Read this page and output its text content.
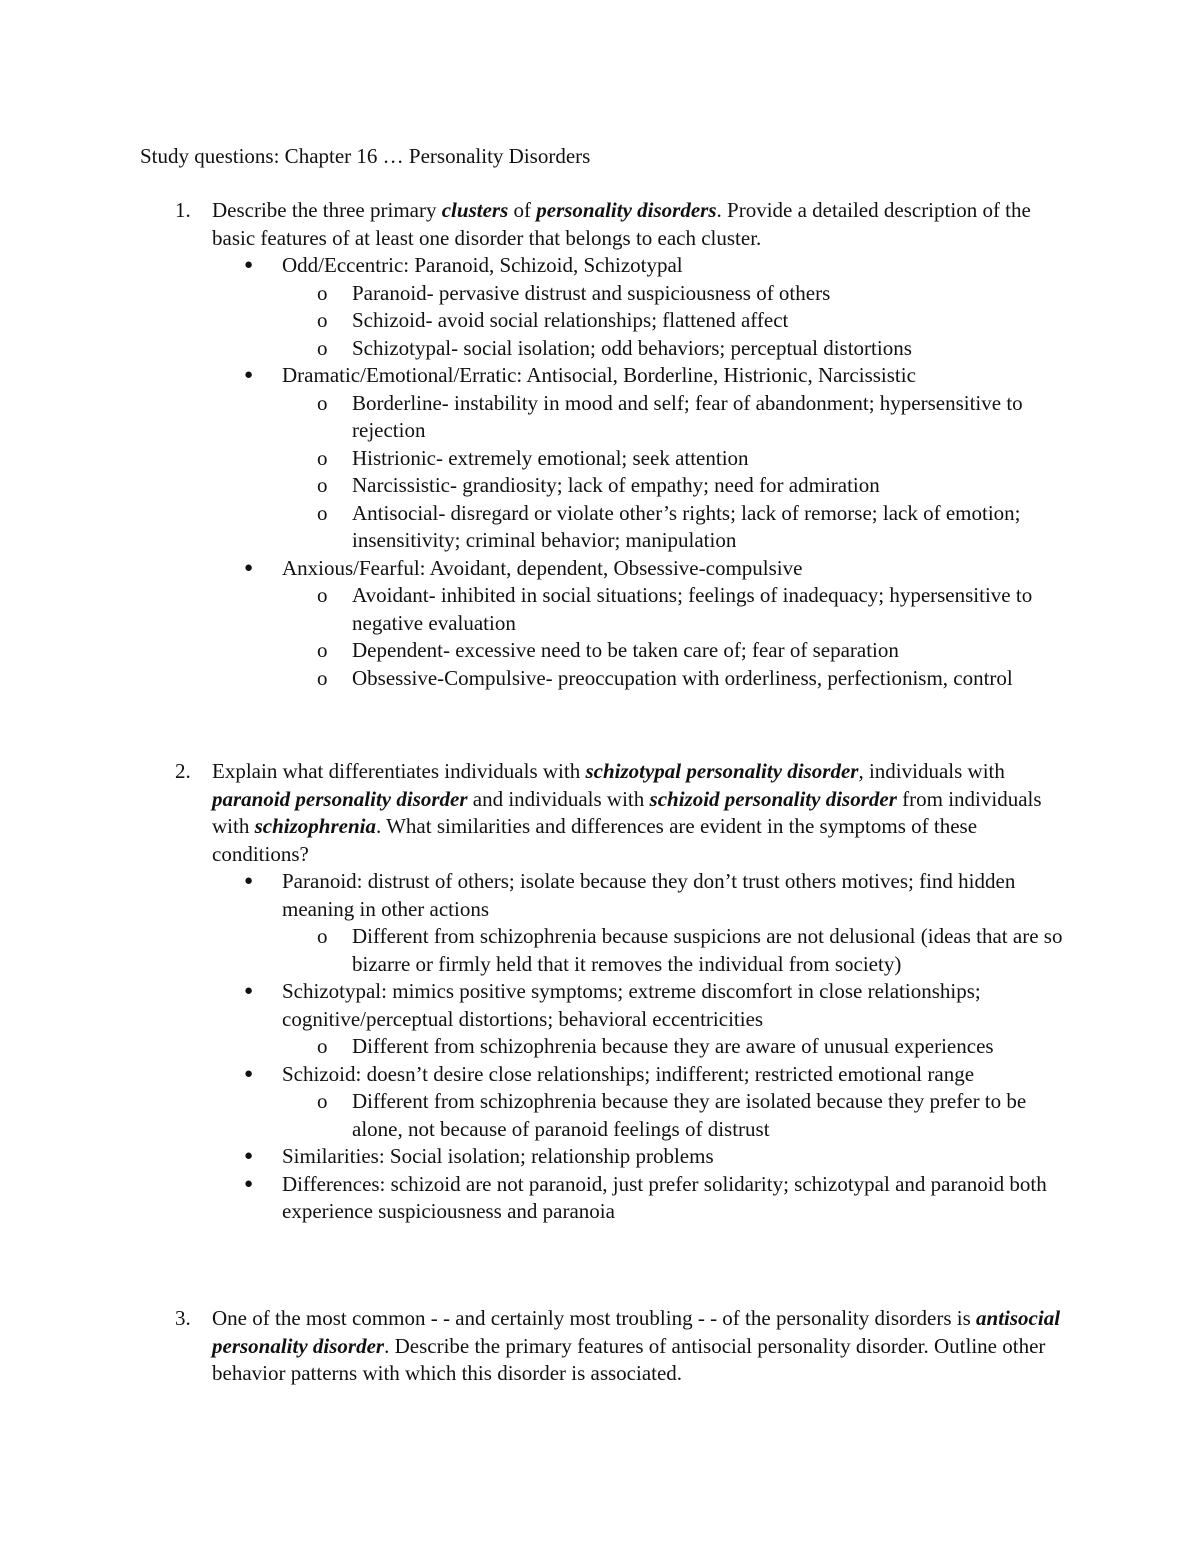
Study questions: Chapter 16 … Personality Disorders
1. Describe the three primary clusters of personality disorders. Provide a detailed description of the basic features of at least one disorder that belongs to each cluster.
● Odd/Eccentric: Paranoid, Schizoid, Schizotypal
o Paranoid- pervasive distrust and suspiciousness of others
o Schizoid- avoid social relationships; flattened affect
o Schizotypal- social isolation; odd behaviors; perceptual distortions
● Dramatic/Emotional/Erratic: Antisocial, Borderline, Histrionic, Narcissistic
o Borderline- instability in mood and self; fear of abandonment; hypersensitive to rejection
o Histrionic- extremely emotional; seek attention
o Narcissistic- grandiosity; lack of empathy; need for admiration
o Antisocial- disregard or violate other’s rights; lack of remorse; lack of emotion; insensitivity; criminal behavior; manipulation
● Anxious/Fearful: Avoidant, dependent, Obsessive-compulsive
o Avoidant- inhibited in social situations; feelings of inadequacy; hypersensitive to negative evaluation
o Dependent- excessive need to be taken care of; fear of separation
o Obsessive-Compulsive- preoccupation with orderliness, perfectionism, control
2. Explain what differentiates individuals with schizotypal personality disorder, individuals with paranoid personality disorder and individuals with schizoid personality disorder from individuals with schizophrenia. What similarities and differences are evident in the symptoms of these conditions?
● Paranoid: distrust of others; isolate because they don’t trust others motives; find hidden meaning in other actions
o Different from schizophrenia because suspicions are not delusional (ideas that are so bizarre or firmly held that it removes the individual from society)
● Schizotypal: mimics positive symptoms; extreme discomfort in close relationships; cognitive/perceptual distortions; behavioral eccentricities
o Different from schizophrenia because they are aware of unusual experiences
● Schizoid: doesn’t desire close relationships; indifferent; restricted emotional range
o Different from schizophrenia because they are isolated because they prefer to be alone, not because of paranoid feelings of distrust
● Similarities: Social isolation; relationship problems
● Differences: schizoid are not paranoid, just prefer solidarity; schizotypal and paranoid both experience suspiciousness and paranoia
3. One of the most common - - and certainly most troubling - - of the personality disorders is antisocial personality disorder. Describe the primary features of antisocial personality disorder. Outline other behavior patterns with which this disorder is associated.
